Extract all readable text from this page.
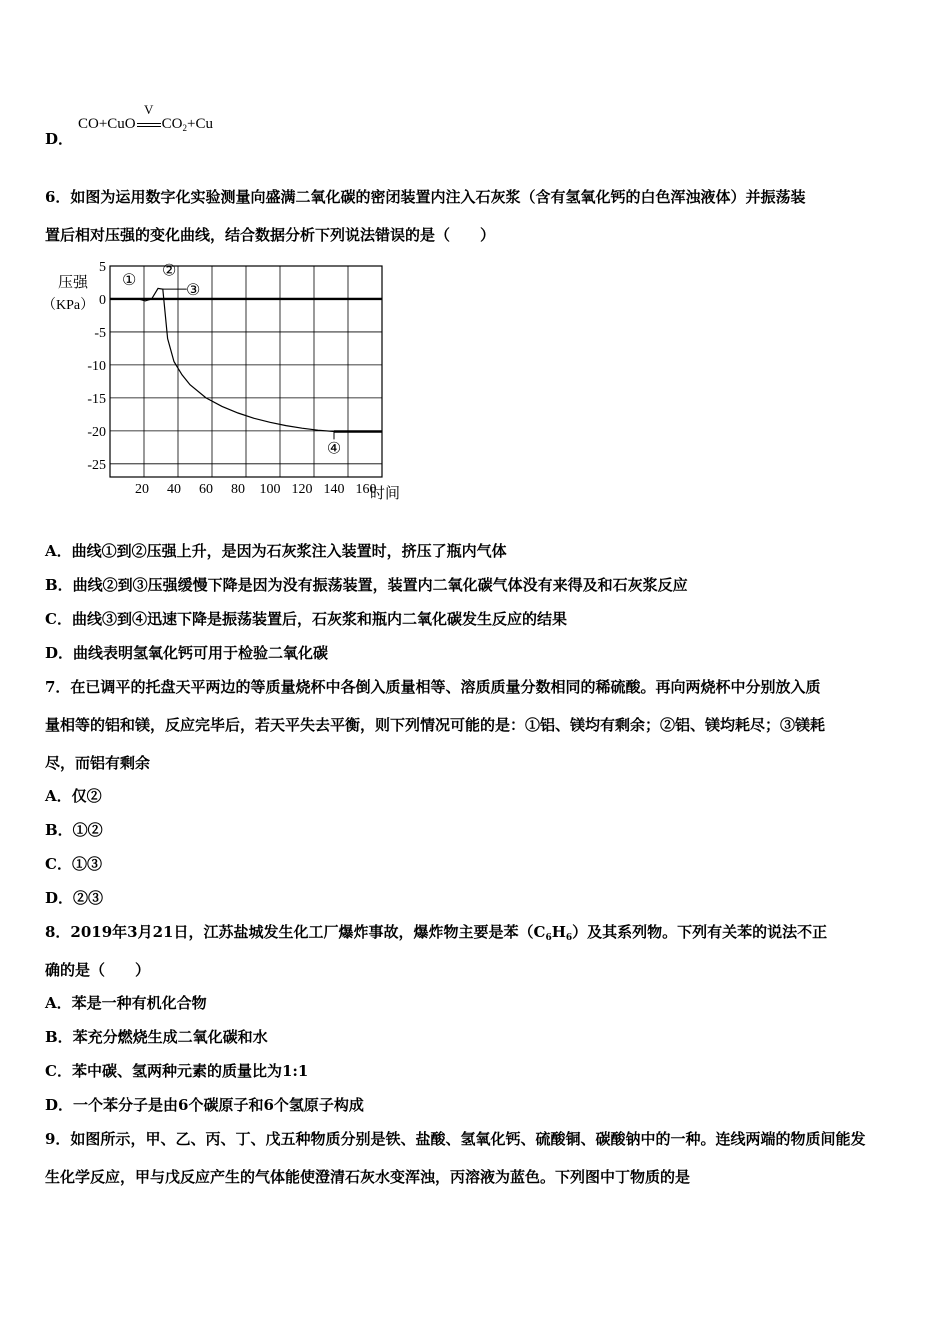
D．
CO+CuO
V
$CO_2+Cu$
6．如图为运用数字化实验测量向盛满二氧化碳的密闭装置内注入石灰浆（含有氢氧化钙的白色浑浊液体）并振荡装
置后相对压强的变化曲线，结合数据分析下列说法错误的是（　　）
压强
（KPa）
时间
5
0
-5
-10
-15
-20
-25
20 40 60 80 100 120 140 160
①
②
③
④
A．曲线①到②压强上升，是因为石灰浆注入装置时，挤压了瓶内气体
B．曲线②到③压强缓慢下降是因为没有振荡装置，装置内二氧化碳气体没有来得及和石灰浆反应
C．曲线③到④迅速下降是振荡装置后，石灰浆和瓶内二氧化碳发生反应的结果
D．曲线表明氢氧化钙可用于检验二氧化碳
7．在已调平的托盘天平两边的等质量烧杯中各倒入质量相等、溶质质量分数相同的稀硫酸。再向两烧杯中分别放入质
量相等的铝和镁，反应完毕后，若天平失去平衡，则下列情况可能的是：①铝、镁均有剩余；②铝、镁均耗尽；③镁耗
尽，而铝有剩余
A．仅②
B．①②
C．①③
D．②③
8．2019年3月21日，江苏盐城发生化工厂爆炸事故，爆炸物主要是苯$(C_6H_6)$及其系列物。下列有关苯的说法不正
确的是（　　）
A．苯是一种有机化合物
B．苯充分燃烧生成二氧化碳和水
C．苯中碳、氢两种元素的质量比为1:1
D．一个苯分子是由6个碳原子和6个氢原子构成
9．如图所示，甲、乙、丙、丁、戊五种物质分别是铁、盐酸、氢氧化钙、硫酸铜、碳酸钠中的一种。连线两端的物质间能发
生化学反应，甲与戊反应产生的气体能使澄清石灰水变浑浊，丙溶液为蓝色。下列图中丁物质的是
